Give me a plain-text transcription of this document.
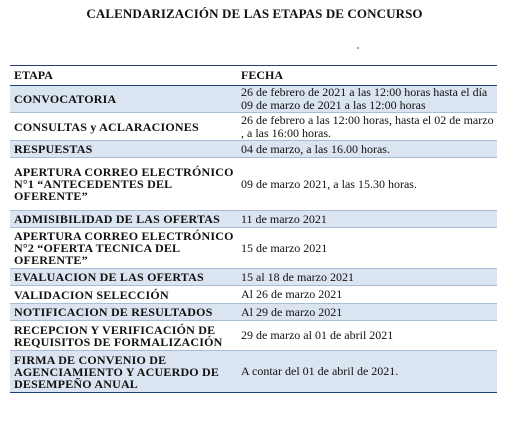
CALENDARIZACIÓN DE LAS ETAPAS DE CONCURSO
ETAPA	FECHA
CONVOCATORIA	26 de febrero de 2021 a las 12:00 horas hasta el día 09 de marzo de 2021 a las 12:00 horas
CONSULTAS y ACLARACIONES	26 de febrero a las 12:00 horas, hasta el 02 de marzo , a las 16:00 horas.
RESPUESTAS	04 de marzo, a las 16.00 horas.
APERTURA CORREO ELECTRÓNICO N°1 “ANTECEDENTES DEL OFERENTE”	09 de marzo 2021, a las 15.30 horas.
ADMISIBILIDAD DE LAS OFERTAS	11 de marzo 2021
APERTURA CORREO ELECTRÓNICO N°2 “OFERTA TECNICA DEL OFERENTE”	15 de marzo 2021
EVALUACION DE LAS OFERTAS	15 al 18 de marzo 2021
VALIDACION SELECCIÓN	Al 26 de marzo 2021
NOTIFICACION DE RESULTADOS	Al 29 de marzo 2021
RECEPCION Y VERIFICACIÓN DE REQUISITOS DE FORMALIZACIÓN	29 de marzo al 01 de abril 2021
FIRMA DE CONVENIO DE AGENCIAMIENTO Y ACUERDO DE DESEMPEÑO ANUAL	A contar del 01 de abril de 2021.
